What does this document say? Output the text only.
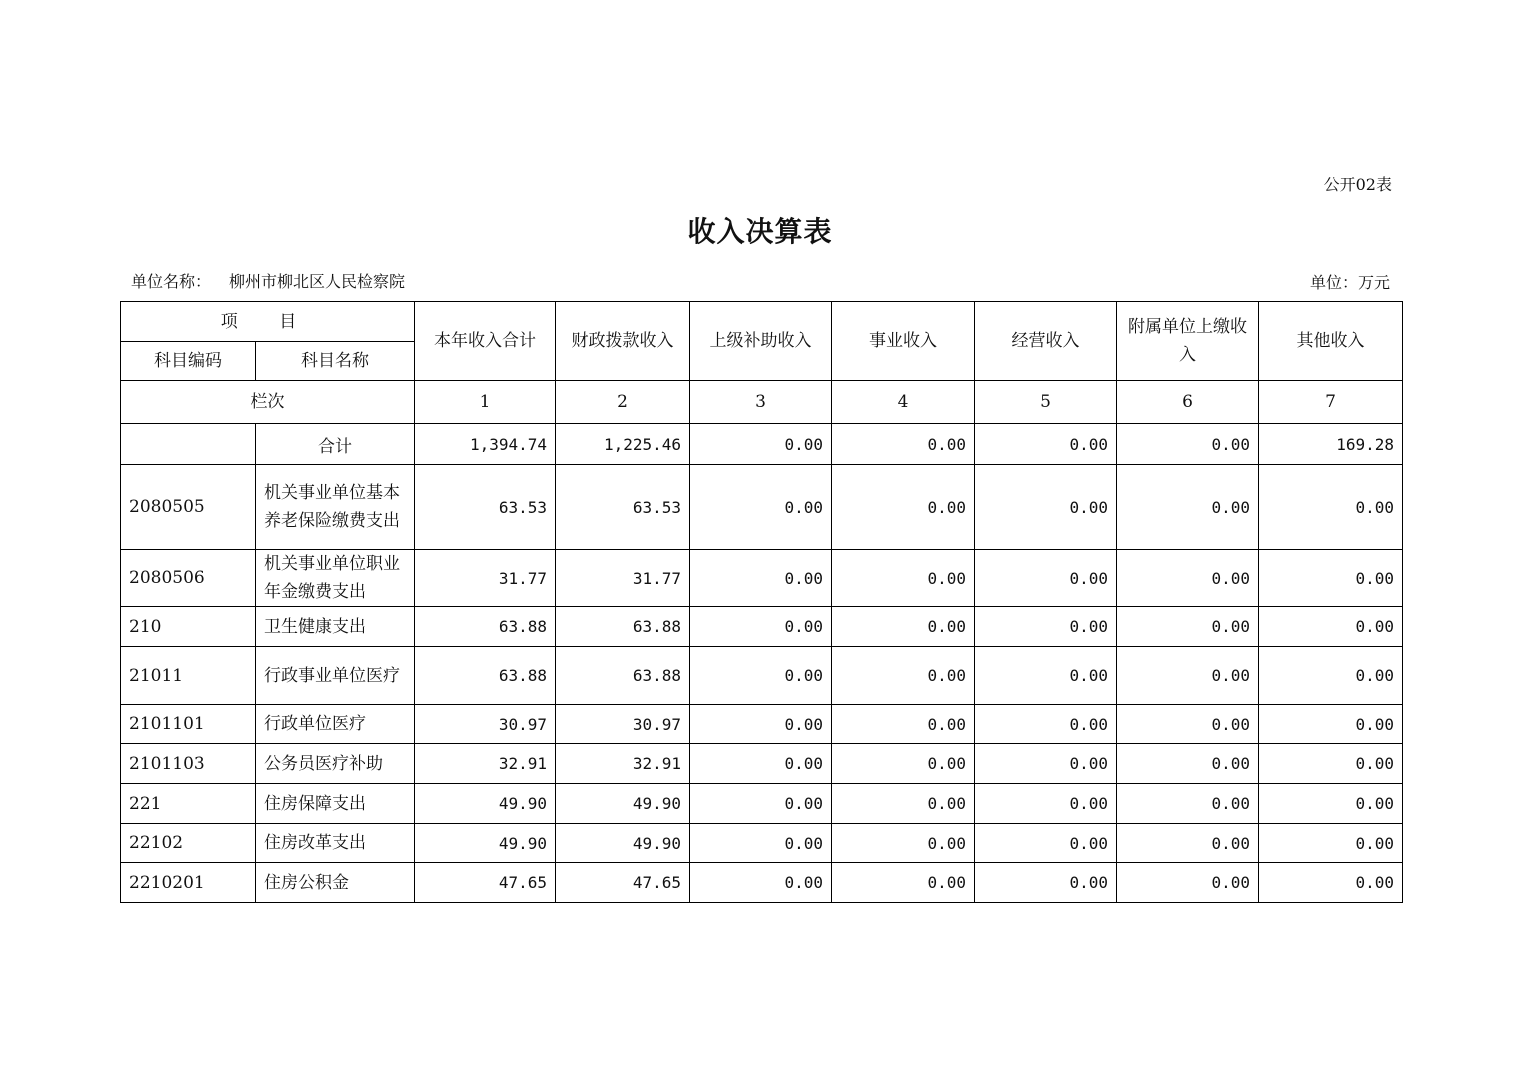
公开02表
收入决算表
单位名称： 柳州市柳北区人民检察院	单位：万元
项 目		本年收入合计	财政拨款收入	上级补助收入	事业收入	经营收入	附属单位上缴收入	其他收入
科目编码	科目名称							
栏次		1	2	3	4	5	6	7
	合计	1,394.74	1,225.46	0.00	0.00	0.00	0.00	169.28
2080505	机关事业单位基本养老保险缴费支出	63.53	63.53	0.00	0.00	0.00	0.00	0.00
2080506	机关事业单位职业年金缴费支出	31.77	31.77	0.00	0.00	0.00	0.00	0.00
210	卫生健康支出	63.88	63.88	0.00	0.00	0.00	0.00	0.00
21011	行政事业单位医疗	63.88	63.88	0.00	0.00	0.00	0.00	0.00
2101101	行政单位医疗	30.97	30.97	0.00	0.00	0.00	0.00	0.00
2101103	公务员医疗补助	32.91	32.91	0.00	0.00	0.00	0.00	0.00
221	住房保障支出	49.90	49.90	0.00	0.00	0.00	0.00	0.00
22102	住房改革支出	49.90	49.90	0.00	0.00	0.00	0.00	0.00
2210201	住房公积金	47.65	47.65	0.00	0.00	0.00	0.00	0.00
